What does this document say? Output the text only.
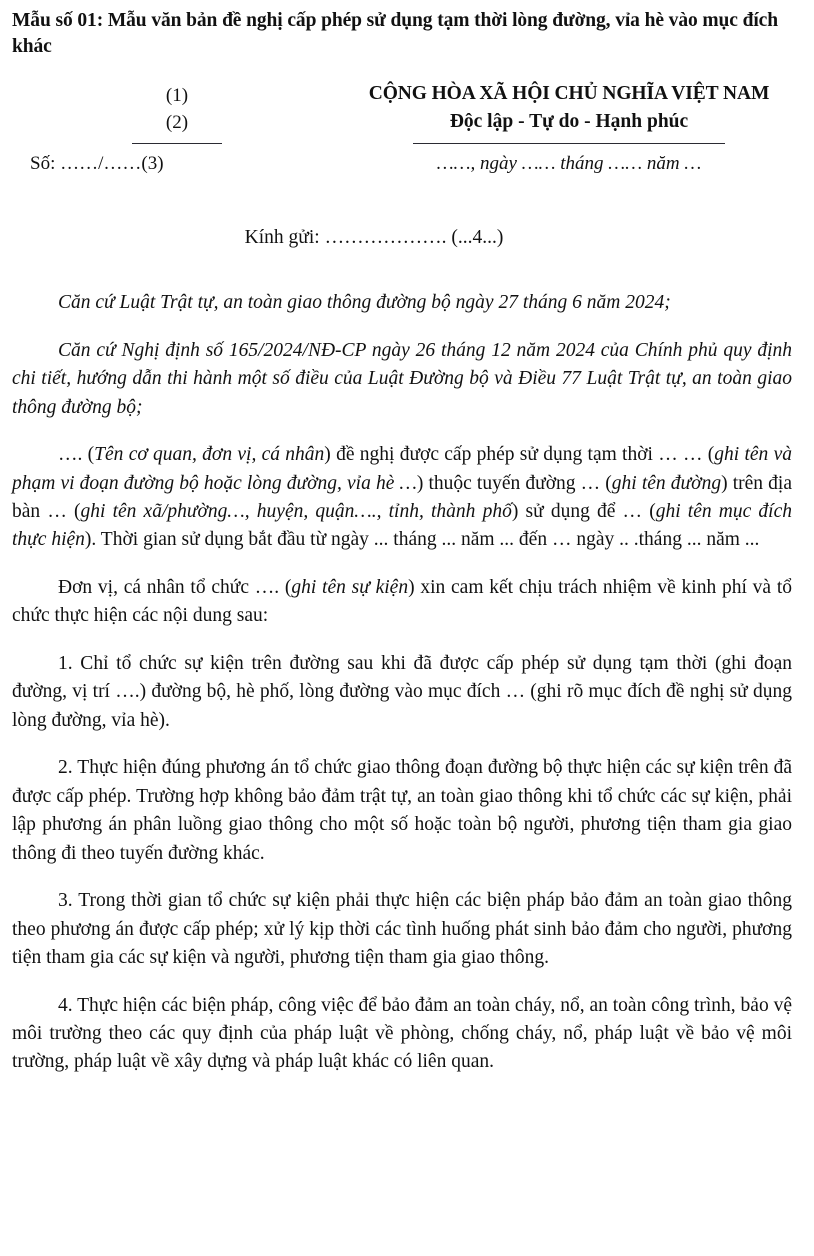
Mẫu số 01: Mẫu văn bản đề nghị cấp phép sử dụng tạm thời lòng đường, vỉa hè vào mục đích khác
(1)
(2)
Số: ……/……(3)
CỘNG HÒA XÃ HỘI CHỦ NGHĨA VIỆT NAM
Độc lập - Tự do - Hạnh phúc
……, ngày …… tháng …… năm …
Kính gửi: ………………. (...4...)

Căn cứ Luật Trật tự, an toàn giao thông đường bộ ngày 27 tháng 6 năm 2024;

Căn cứ Nghị định số 165/2024/NĐ-CP ngày 26 tháng 12 năm 2024 của Chính phủ quy định chi tiết, hướng dẫn thi hành một số điều của Luật Đường bộ và Điều 77 Luật Trật tự, an toàn giao thông đường bộ;

…. (Tên cơ quan, đơn vị, cá nhân) đề nghị được cấp phép sử dụng tạm thời … … (ghi tên và phạm vi đoạn đường bộ hoặc lòng đường, vỉa hè …) thuộc tuyến đường … (ghi tên đường) trên địa bàn … (ghi tên xã/phường…, huyện, quận…., tỉnh, thành phố) sử dụng để … (ghi tên mục đích thực hiện). Thời gian sử dụng bắt đầu từ ngày ... tháng ... năm ... đến … ngày .. .tháng ... năm ...

Đơn vị, cá nhân tổ chức …. (ghi tên sự kiện) xin cam kết chịu trách nhiệm về kinh phí và tổ chức thực hiện các nội dung sau:

1. Chỉ tổ chức sự kiện trên đường sau khi đã được cấp phép sử dụng tạm thời (ghi đoạn đường, vị trí ….) đường bộ, hè phố, lòng đường vào mục đích … (ghi rõ mục đích đề nghị sử dụng lòng đường, vỉa hè).

2. Thực hiện đúng phương án tổ chức giao thông đoạn đường bộ thực hiện các sự kiện trên đã được cấp phép. Trường hợp không bảo đảm trật tự, an toàn giao thông khi tổ chức các sự kiện, phải lập phương án phân luồng giao thông cho một số hoặc toàn bộ người, phương tiện tham gia giao thông đi theo tuyến đường khác.

3. Trong thời gian tổ chức sự kiện phải thực hiện các biện pháp bảo đảm an toàn giao thông theo phương án được cấp phép; xử lý kịp thời các tình huống phát sinh bảo đảm cho người, phương tiện tham gia các sự kiện và người, phương tiện tham gia giao thông.

4. Thực hiện các biện pháp, công việc để bảo đảm an toàn cháy, nổ, an toàn công trình, bảo vệ môi trường theo các quy định của pháp luật về phòng, chống cháy, nổ, pháp luật về bảo vệ môi trường, pháp luật về xây dựng và pháp luật khác có liên quan.
